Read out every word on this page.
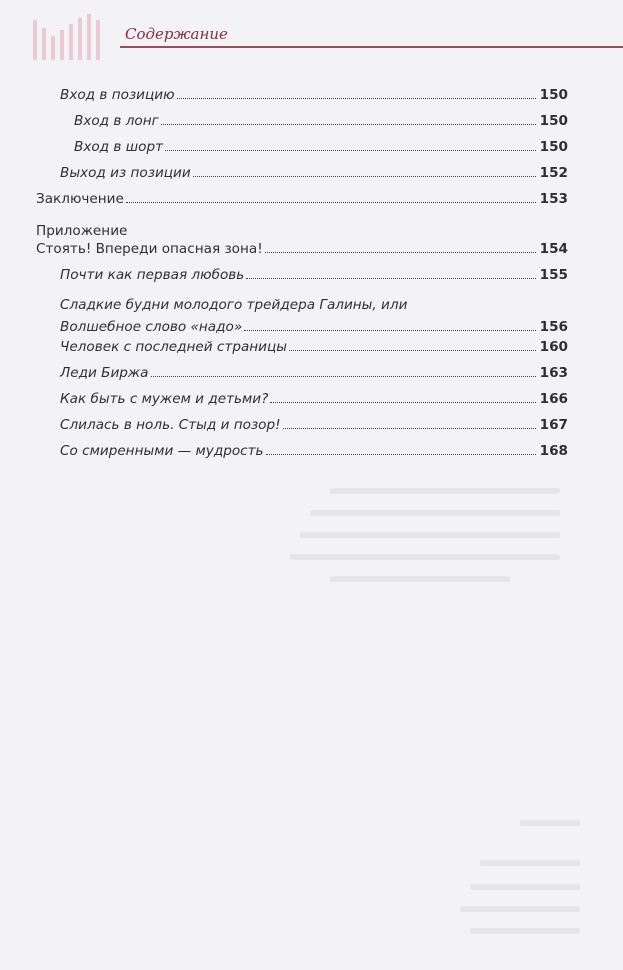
Содержание
Вход в позицию	150
Вход в лонг	150
Вход в шорт	150
Выход из позиции	152
Заключение	153
Приложение
Стоять! Впереди опасная зона!	154
Почти как первая любовь	155
Сладкие будни молодого трейдера Галины, или
Волшебное слово «надо»	156
Человек с последней страницы	160
Леди Биржа	163
Как быть с мужем и детьми?	166
Слилась в ноль. Стыд и позор!	167
Со смиренными — мудрость	168
